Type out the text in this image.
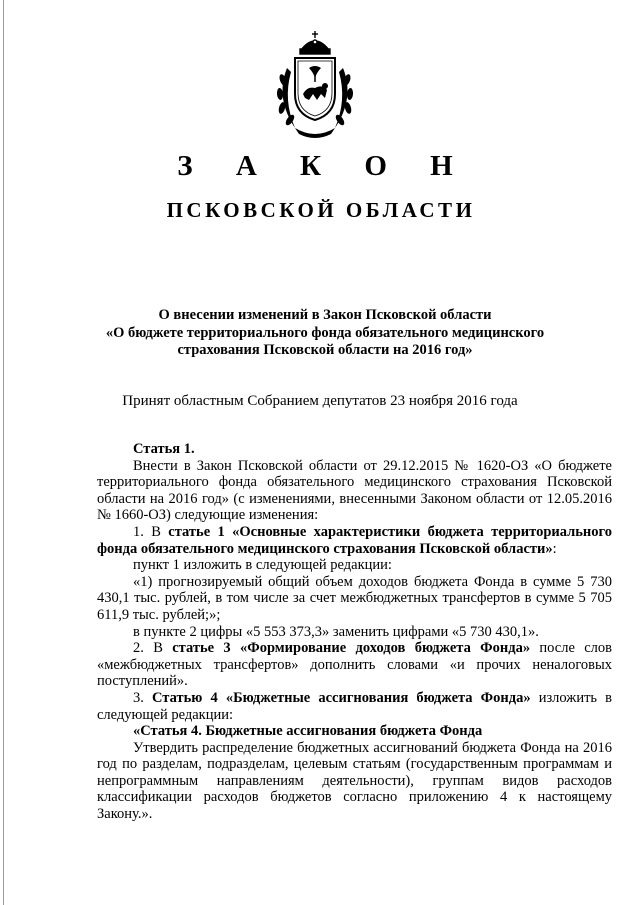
З А К О Н
ПСКОВСКОЙ ОБЛАСТИ
О внесении изменений в Закон Псковской области
«О бюджете территориального фонда обязательного медицинского
страхования Псковской области на 2016 год»
Принят областным Собранием депутатов 23 ноября 2016 года

Статья 1.

Внести в Закон Псковской области от 29.12.2015 № 1620-ОЗ «О бюджете территориального фонда обязательного медицинского страхования Псковской области на 2016 год» (с изменениями, внесенными Законом области от 12.05.2016 № 1660-ОЗ) следующие изменения:

1. В статье 1 «Основные характеристики бюджета территориального фонда обязательного медицинского страхования Псковской области»:

пункт 1 изложить в следующей редакции:

«1) прогнозируемый общий объем доходов бюджета Фонда в сумме 5 730 430,1 тыс. рублей, в том числе за счет межбюджетных трансфертов в сумме 5 705 611,9 тыс. рублей;»;

в пункте 2 цифры «5 553 373,3» заменить цифрами «5 730 430,1».

2. В статье 3 «Формирование доходов бюджета Фонда» после слов «межбюджетных трансфертов» дополнить словами «и прочих неналоговых поступлений».

3. Статью 4 «Бюджетные ассигнования бюджета Фонда» изложить в следующей редакции:

«Статья 4. Бюджетные ассигнования бюджета Фонда

Утвердить распределение бюджетных ассигнований бюджета Фонда на 2016 год по разделам, подразделам, целевым статьям (государственным программам и непрограммным направлениям деятельности), группам видов расходов классификации расходов бюджетов согласно приложению 4 к настоящему Закону.».
